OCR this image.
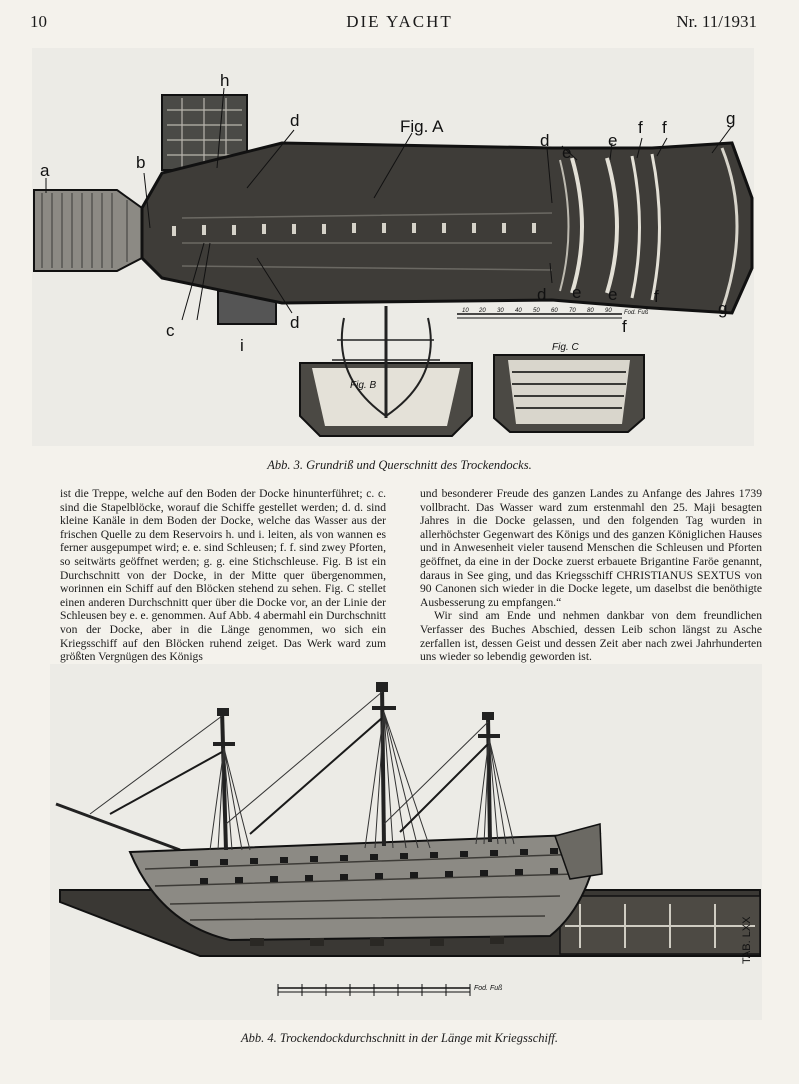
10	DIE YACHT	Nr. 11/1931
10 20 30 40 50 60 70 80 90 Fod. Fuß
a	b
h
d	Fig. A
d
e
e
f f	g
c
i
d
d e e f
f
g
Fig. B
Fig. C
Abb. 3. Grundriß und Querschnitt des Trockendocks.

ist die Treppe, welche auf den Boden der Docke hinunterführet; c. c. sind die Stapelblöcke, worauf die Schiffe gestellet werden; d. d. sind kleine Kanäle in dem Boden der Docke, welche das Wasser aus der frischen Quelle zu dem Reservoirs h. und i. leiten, als von wannen es ferner ausgepumpet wird; e. e. sind Schleusen; f. f. sind zwey Pforten, so seitwärts geöffnet werden; g. g. eine Stichschleuse. Fig. B ist ein Durchschnitt von der Docke, in der Mitte quer übergenommen, worinnen ein Schiff auf den Blöcken stehend zu sehen. Fig. C stellet einen anderen Durchschnitt quer über die Docke vor, an der Linie der Schleusen bey e. e. genommen. Auf Abb. 4 abermahl ein Durchschnitt von der Docke, aber in die Länge genommen, wo sich ein Kriegsschiff auf den Blöcken ruhend zeiget. Das Werk ward zum größten Vergnügen des Königs

und besonderer Freude des ganzen Landes zu Anfange des Jahres 1739 vollbracht. Das Wasser ward zum erstenmahl den 25. Maji besagten Jahres in die Docke gelassen, und den folgenden Tag wurden in allerhöchster Gegenwart des Königs und des ganzen Königlichen Hauses und in Anwesenheit vieler tausend Menschen die Schleusen und Pforten geöffnet, da eine in der Docke zuerst erbauete Brigantine Faröe genannt, daraus in See ging, und das Kriegsschiff CHRISTIANUS SEXTUS von 90 Canonen sich wieder in die Docke legete, um daselbst die benöthigte Ausbesserung zu empfangen.“

Wir sind am Ende und nehmen dankbar von dem freundlichen Verfasser des Buches Abschied, dessen Leib schon längst zu Asche zerfallen ist, dessen Geist und dessen Zeit aber nach zwei Jahrhunderten uns wieder so lebendig geworden ist.

Fod. Fuß
TAB. LXX
Abb. 4. Trockendockdurchschnitt in der Länge mit Kriegsschiff.
